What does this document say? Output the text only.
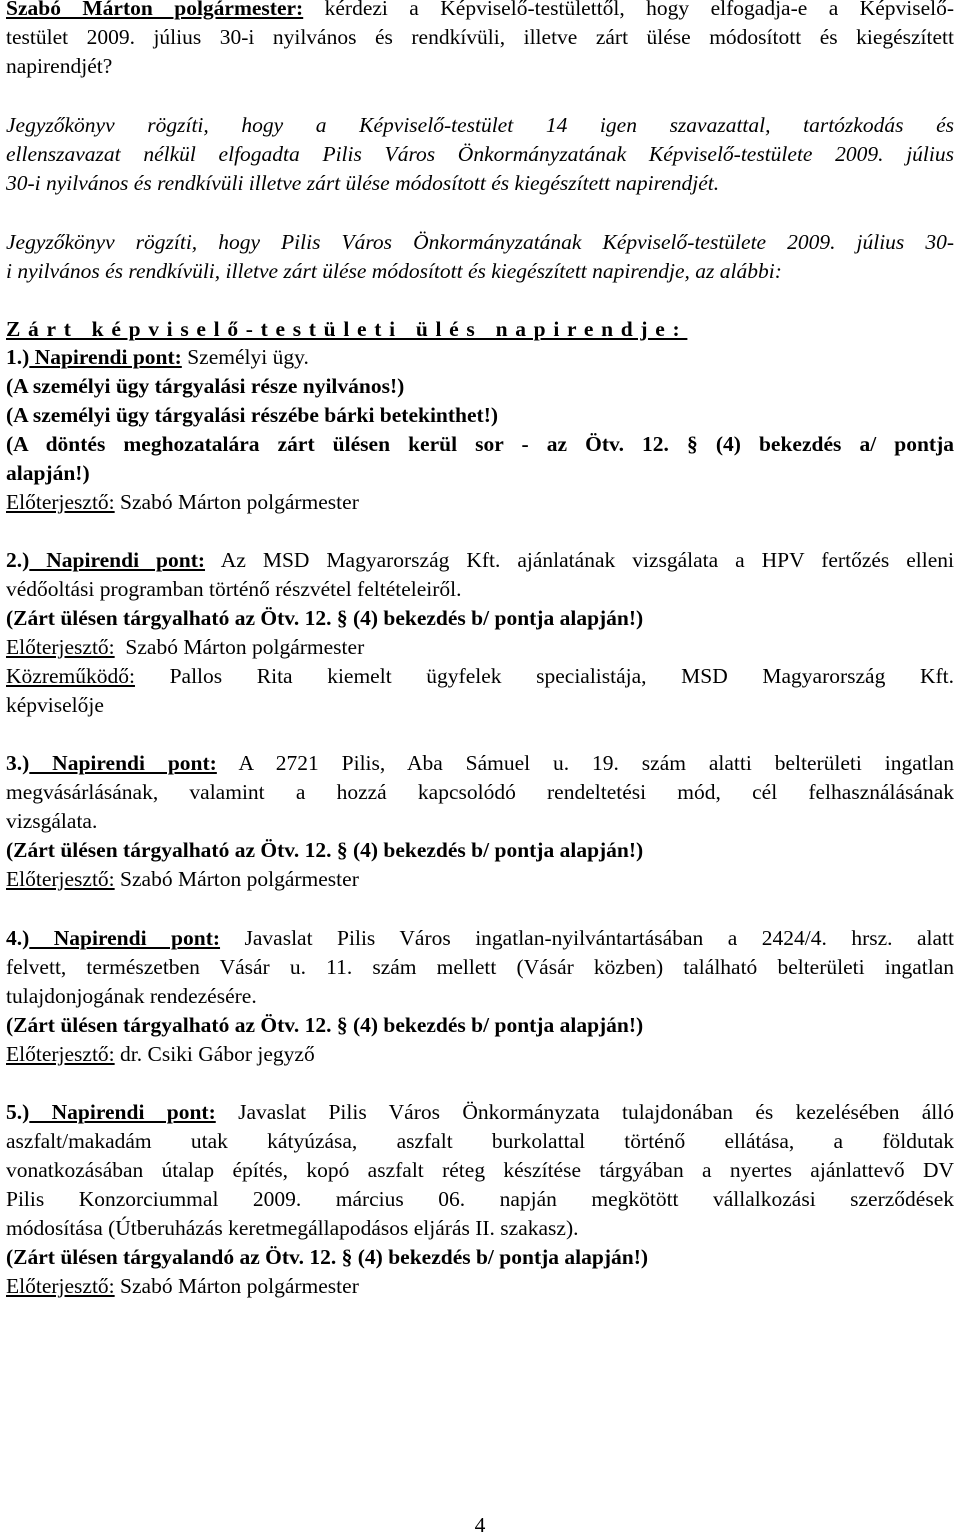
Szabó Márton polgármester: kérdezi a Képviselő-testülettől, hogy elfogadja-e a Képviselő-
testület 2009. július 30-i nyilvános és rendkívüli, illetve zárt ülése módosított és kiegészített
napirendjét?
Jegyzőkönyv rögzíti, hogy a Képviselő-testület 14 igen szavazattal, tartózkodás és
ellenszavazat nélkül elfogadta Pilis Város Önkormányzatának Képviselő-testülete 2009. július
30-i nyilvános és rendkívüli illetve zárt ülése módosított és kiegészített napirendjét.
Jegyzőkönyv rögzíti, hogy Pilis Város Önkormányzatának Képviselő-testülete 2009. július 30-
i nyilvános és rendkívüli, illetve zárt ülése módosított és kiegészített napirendje, az alábbi:
Zárt képviselő-testületi ülés napirendje:
1.) Napirendi pont: Személyi ügy.
(A személyi ügy tárgyalási része nyilvános!)
(A személyi ügy tárgyalási részébe bárki betekinthet!)
(A döntés meghozatalára zárt ülésen kerül sor - az Ötv. 12. § (4) bekezdés a/ pontja
alapján!)
Előterjesztő: Szabó Márton polgármester
2.) Napirendi pont: Az MSD Magyarország Kft. ajánlatának vizsgálata a HPV fertőzés elleni
védőoltási programban történő részvétel feltételeiről.
(Zárt ülésen tárgyalható az Ötv. 12. § (4) bekezdés b/ pontja alapján!)
Előterjesztő:  Szabó Márton polgármester
Közreműködő: Pallos Rita kiemelt ügyfelek specialistája, MSD Magyarország Kft.
képviselője
3.) Napirendi pont: A 2721 Pilis, Aba Sámuel u. 19. szám alatti belterületi ingatlan
megvásárlásának, valamint a hozzá kapcsolódó rendeltetési mód, cél felhasználásának
vizsgálata.
(Zárt ülésen tárgyalható az Ötv. 12. § (4) bekezdés b/ pontja alapján!)
Előterjesztő: Szabó Márton polgármester
4.) Napirendi pont: Javaslat Pilis Város ingatlan-nyilvántartásában a 2424/4. hrsz. alatt
felvett, természetben Vásár u. 11. szám mellett (Vásár közben) található belterületi ingatlan
tulajdonjogának rendezésére.
(Zárt ülésen tárgyalható az Ötv. 12. § (4) bekezdés b/ pontja alapján!)
Előterjesztő: dr. Csiki Gábor jegyző
5.) Napirendi pont: Javaslat Pilis Város Önkormányzata tulajdonában és kezelésében álló
aszfalt/makadám utak kátyúzása, aszfalt burkolattal történő ellátása, a földutak
vonatkozásában útalap építés, kopó aszfalt réteg készítése tárgyában a nyertes ajánlattevő DV
Pilis Konzorciummal 2009. március 06. napján megkötött vállalkozási szerződések
módosítása (Útberuházás keretmegállapodásos eljárás II. szakasz).
(Zárt ülésen tárgyalandó az Ötv. 12. § (4) bekezdés b/ pontja alapján!)
Előterjesztő: Szabó Márton polgármester
4
